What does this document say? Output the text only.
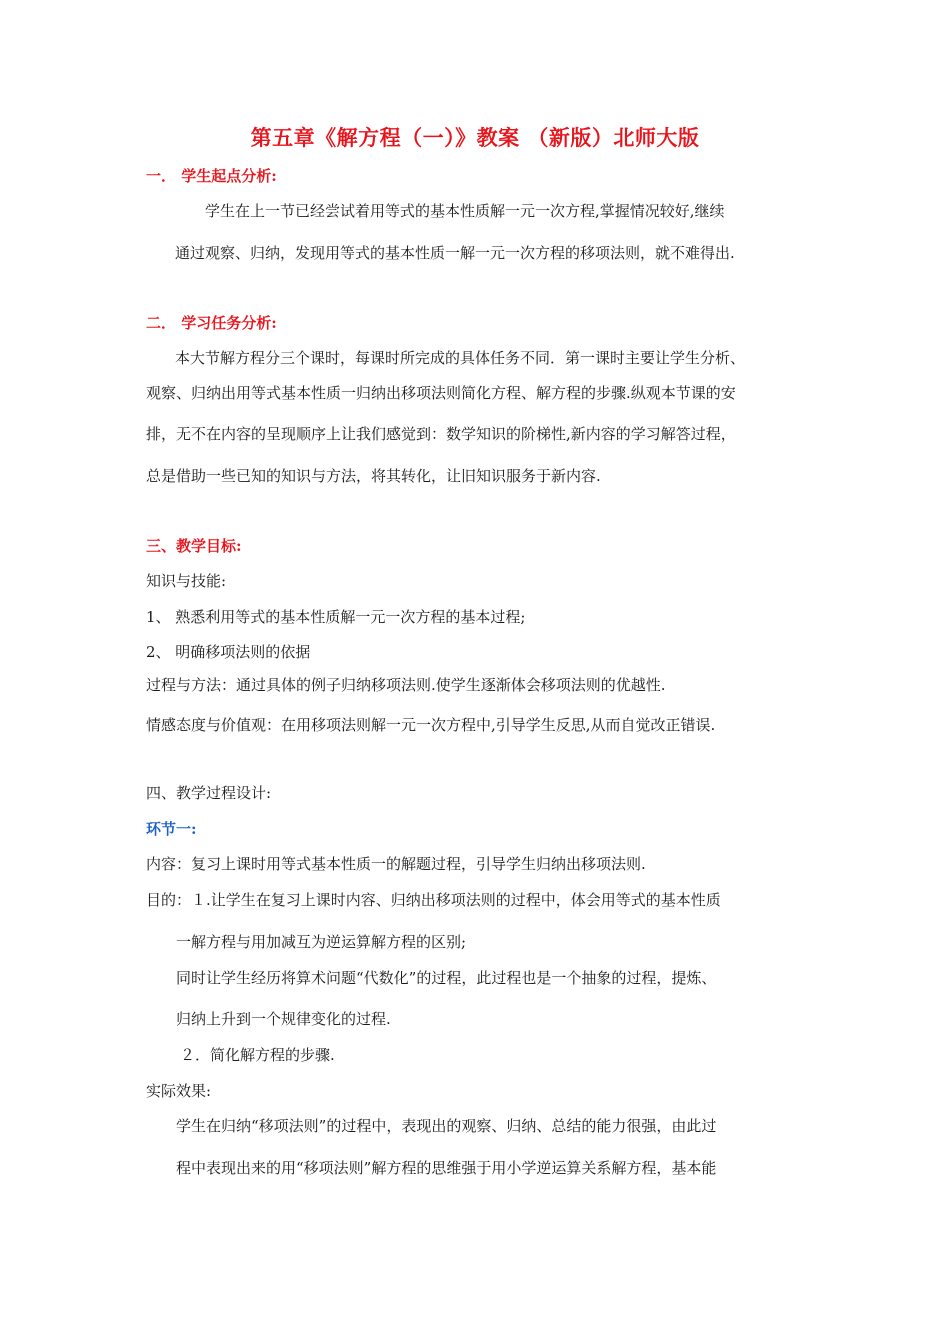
第五章《解方程（一）》教案 （新版）北师大版
一． 学生起点分析:
学生在上一节已经尝试着用等式的基本性质解一元一次方程,掌握情况较好,继续
通过观察、归纳，发现用等式的基本性质一解一元一次方程的移项法则，就不难得出.
二． 学习任务分析:
本大节解方程分三个课时，每课时所完成的具体任务不同．第一课时主要让学生分析、
观察、归纳出用等式基本性质一归纳出移项法则简化方程、解方程的步骤.纵观本节课的安
排，无不在内容的呈现顺序上让我们感觉到：数学知识的阶梯性,新内容的学习解答过程，
总是借助一些已知的知识与方法，将其转化，让旧知识服务于新内容.
三、教学目标:
知识与技能:
1、 熟悉利用等式的基本性质解一元一次方程的基本过程;
2、 明确移项法则的依据
过程与方法：通过具体的例子归纳移项法则.使学生逐渐体会移项法则的优越性.
情感态度与价值观：在用移项法则解一元一次方程中,引导学生反思,从而自觉改正错误.
四、教学过程设计:
环节一:
内容：复习上课时用等式基本性质一的解题过程，引导学生归纳出移项法则.
目的：１.让学生在复习上课时内容、归纳出移项法则的过程中，体会用等式的基本性质
一解方程与用加减互为逆运算解方程的区别;
同时让学生经历将算术问题“代数化”的过程，此过程也是一个抽象的过程，提炼、
归纳上升到一个规律变化的过程.
２．简化解方程的步骤.
实际效果:
学生在归纳“移项法则”的过程中，表现出的观察、归纳、总结的能力很强，由此过
程中表现出来的用“移项法则”解方程的思维强于用小学逆运算关系解方程，基本能
